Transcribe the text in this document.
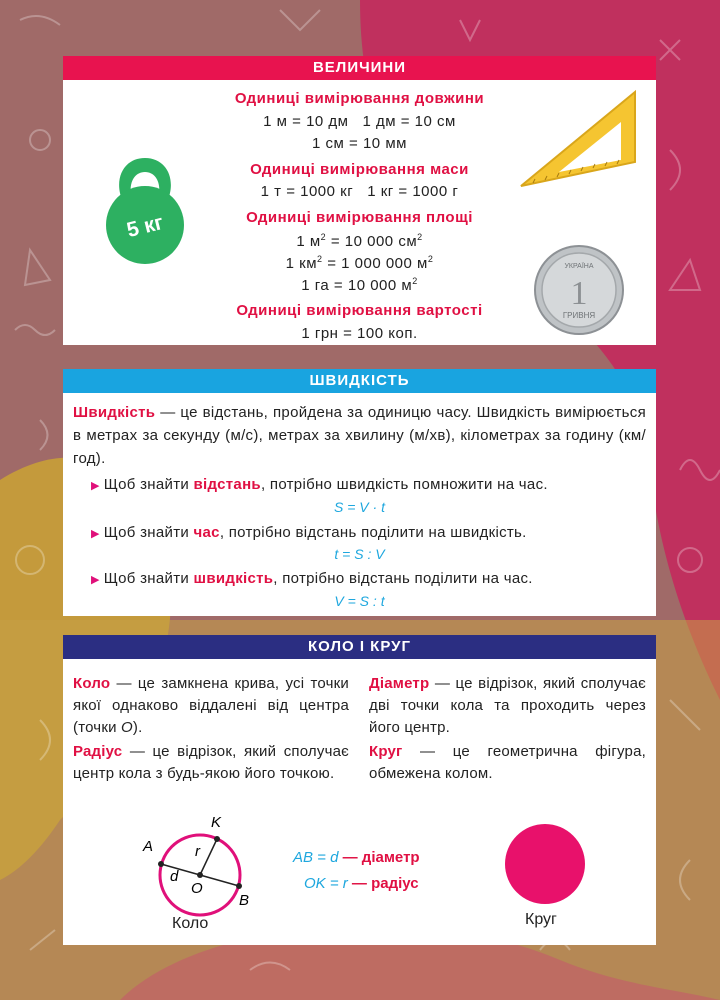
ВЕЛИЧИНИ

Одиниці вимірювання довжини

1 м = 10 дм   1 дм = 10 см

1 см = 10 мм

Одиниці вимірювання маси

1 т = 1000 кг   1 кг = 1000 г

Одиниці вимірювання площі

1 $м^2 = 10$ 000 $см^2$

1 $км^2 = 1$ 000 000 $м^2$

1 га = 10 000 $м^2$

Одиниці вимірювання вартості

1 грн = 100 коп.

5 кг
УКРАЇНА
1
ГРИВНЯ
ШВИДКІСТЬ

Швидкість — це відстань, пройдена за одиницю часу. Швидкість вимірюється в метрах за секунду (м/с), метрах за хвилину (м/хв), кілометрах за годину (км/год).

▶ Щоб знайти відстань, потрібно швидкість помножити на час.

S = V · t

▶ Щоб знайти час, потрібно відстань поділити на швидкість.

t = S : V

▶ Щоб знайти швидкість, потрібно відстань поділити на час.

V = S : t

КОЛО І КРУГ

Коло — це замкнена крива, усі точки якої однаково віддалені від центра (точки O).

Радіус — це відрізок, який сполучає центр кола з будь-якою його точкою.

Діаметр — це відрізок, який сполучає дві точки кола та проходить через його центр.

Круг — це геометрична фігура, обмежена колом.

A
B
K
O
r
d

Коло

AB = d — діаметр

OK = r — радіус

Круг
